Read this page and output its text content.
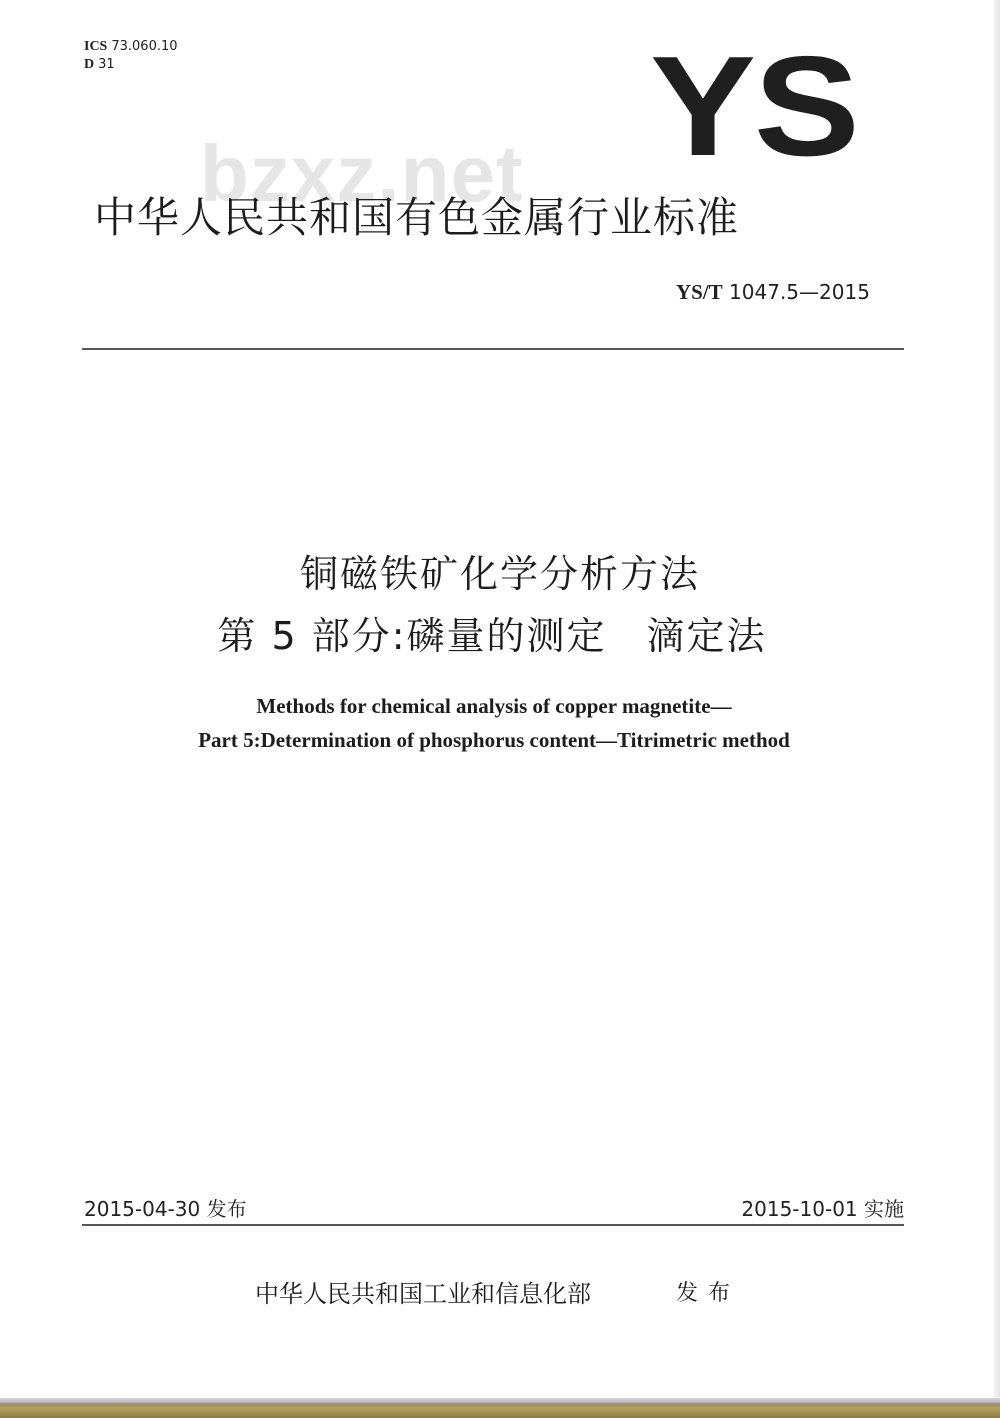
ICS 73.060.10
D 31	YS
bzxz.net
中华人民共和国有色金属行业标准
YS/T 1047.5—2015
铜磁铁矿化学分析方法
第 5 部分:磷量的测定　滴定法
Methods for chemical analysis of copper magnetite—
Part 5:Determination of phosphorus content—Titrimetric method
2015-04-30 发布	2015-10-01 实施
中华人民共和国工业和信息化部	发布
